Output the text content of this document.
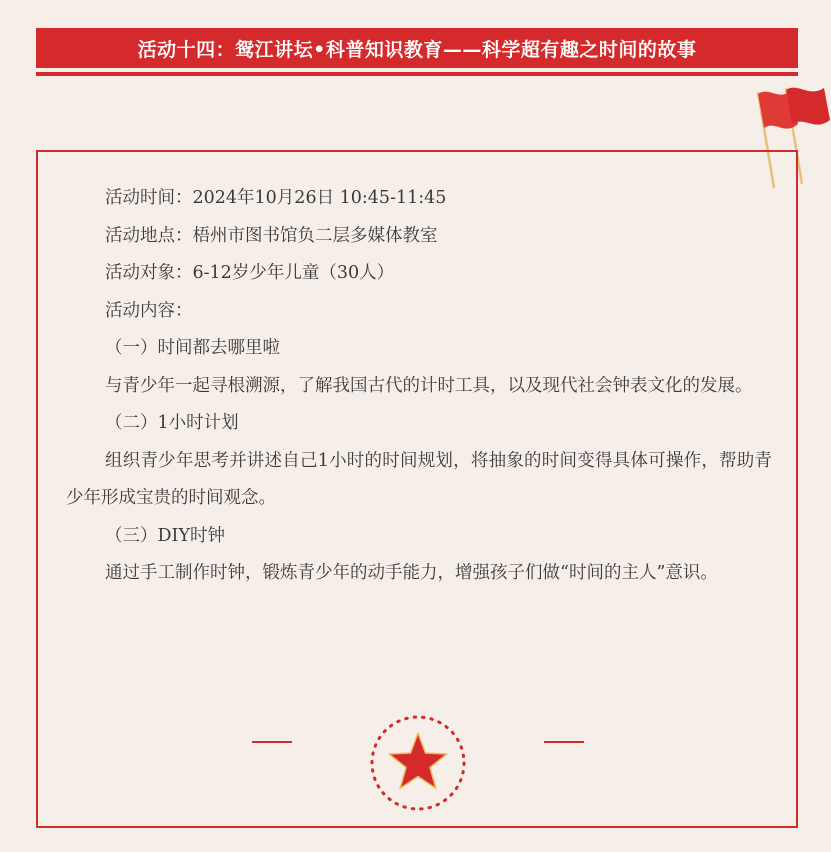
活动十四：鸳江讲坛•科普知识教育——科学超有趣之时间的故事

活动时间：2024年10月26日 10:45-11:45

活动地点：梧州市图书馆负二层多媒体教室

活动对象：6-12岁少年儿童（30人）

活动内容：

（一）时间都去哪里啦

与青少年一起寻根溯源，了解我国古代的计时工具，以及现代社会钟表文化的发展。

（二）1小时计划

组织青少年思考并讲述自己1小时的时间规划，将抽象的时间变得具体可操作，帮助青少年形成宝贵的时间观念。

（三）DIY时钟

通过手工制作时钟，锻炼青少年的动手能力，增强孩子们做“时间的主人”意识。
